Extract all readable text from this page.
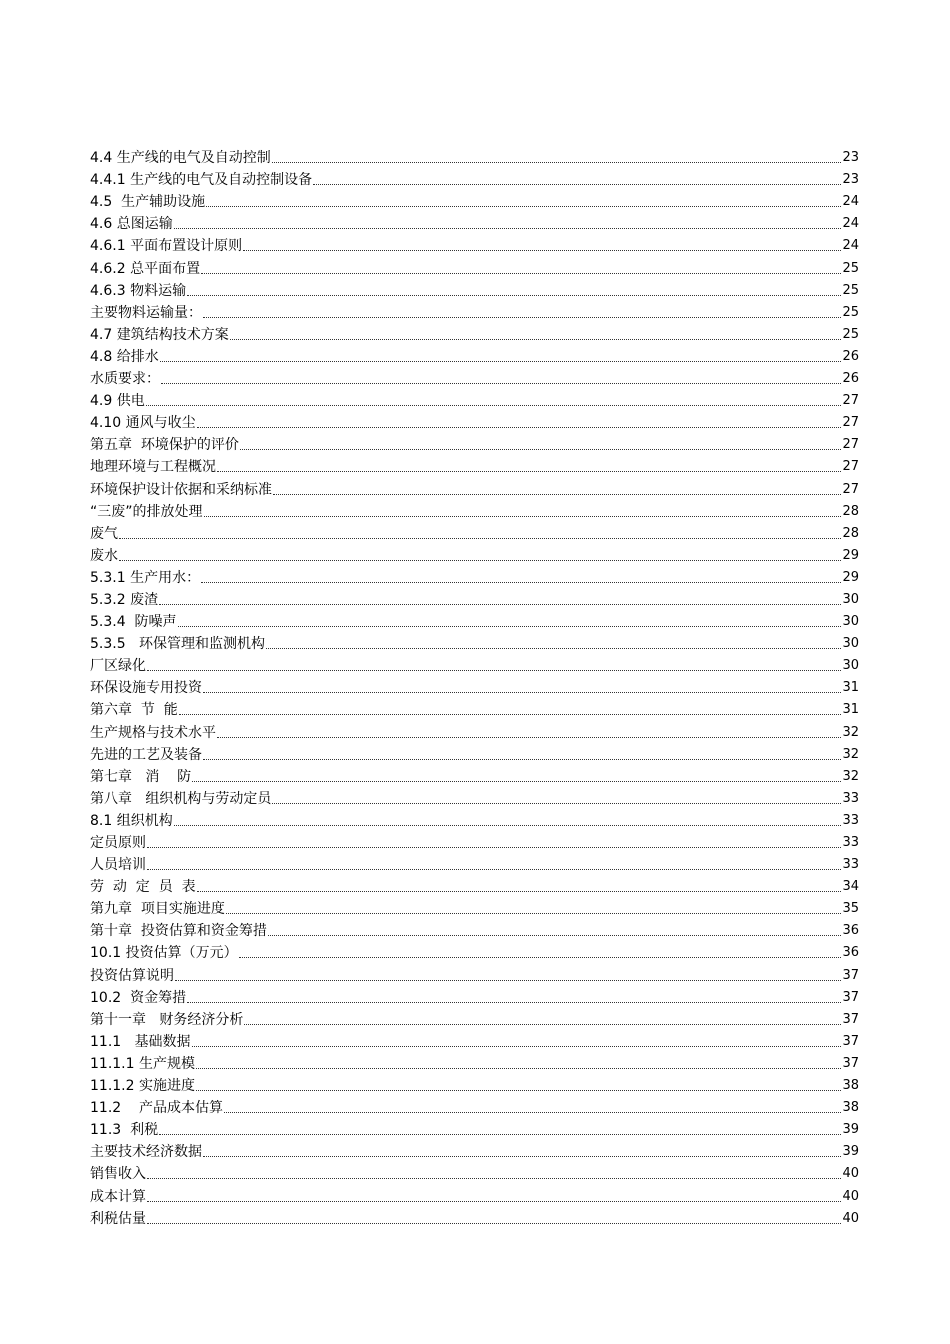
4.4 生产线的电气及自动控制	23
4.4.1 生产线的电气及自动控制设备	23
4.5  生产辅助设施	24
4.6 总图运输	24
4.6.1 平面布置设计原则	24
4.6.2 总平面布置	25
4.6.3 物料运输	25
主要物料运输量：	25
4.7 建筑结构技术方案	25
4.8 给排水	26
水质要求：	26
4.9 供电	27
4.10 通风与收尘	27
第五章  环境保护的评价	27
地理环境与工程概况	27
环境保护设计依据和采纳标准	27
“三废”的排放处理	28
废气	28
废水	29
5.3.1 生产用水：	29
5.3.2 废渣	30
5.3.4  防噪声	30
5.3.5   环保管理和监测机构	30
厂区绿化	30
环保设施专用投资	31
第六章  节  能	31
生产规格与技术水平	32
先进的工艺及装备	32
第七章   消    防	32
第八章   组织机构与劳动定员	33
8.1 组织机构	33
定员原则	33
人员培训	33
劳  动  定  员  表	34
第九章  项目实施进度	35
第十章  投资估算和资金筹措	36
10.1 投资估算（万元）	36
投资估算说明	37
10.2  资金筹措	37
第十一章   财务经济分析	37
11.1   基础数据	37
11.1.1 生产规模	37
11.1.2 实施进度	38
11.2    产品成本估算	38
11.3  利税	39
主要技术经济数据	39
销售收入	40
成本计算	40
利税估量	40
